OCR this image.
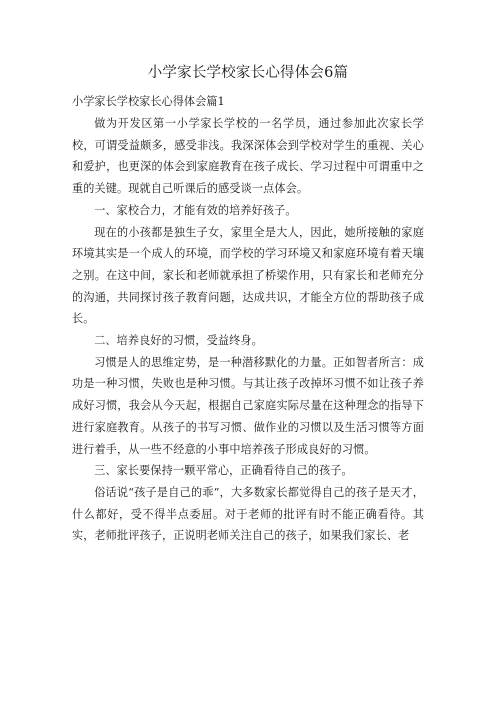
小学家长学校家长心得体会6篇
小学家长学校家长心得体会篇1

做为开发区第一小学家长学校的一名学员，通过参加此次家长学校，可谓受益颇多，感受非浅。我深深体会到学校对学生的重视、关心和爱护，也更深的体会到家庭教育在孩子成长、学习过程中可谓重中之重的关键。现就自己听课后的感受谈一点体会。

一、家校合力，才能有效的培养好孩子。

现在的小孩都是独生子女，家里全是大人，因此，她所接触的家庭环境其实是一个成人的环境，而学校的学习环境又和家庭环境有着天壤之别。在这中间，家长和老师就承担了桥梁作用，只有家长和老师充分的沟通，共同探讨孩子教育问题，达成共识，才能全方位的帮助孩子成长。

二、培养良好的习惯，受益终身。

习惯是人的思维定势，是一种潜移默化的力量。正如智者所言：成功是一种习惯，失败也是种习惯。与其让孩子改掉坏习惯不如让孩子养成好习惯，我会从今天起，根据自己家庭实际尽量在这种理念的指导下进行家庭教育。从孩子的书写习惯、做作业的习惯以及生活习惯等方面进行着手，从一些不经意的小事中培养孩子形成良好的习惯。

三、家长要保持一颗平常心，正确看待自己的孩子。

俗话说“孩子是自己的乖”，大多数家长都觉得自己的孩子是天才，什么都好，受不得半点委屈。对于老师的批评有时不能正确看待。其实，老师批评孩子，正说明老师关注自己的孩子，如果我们家长、老
